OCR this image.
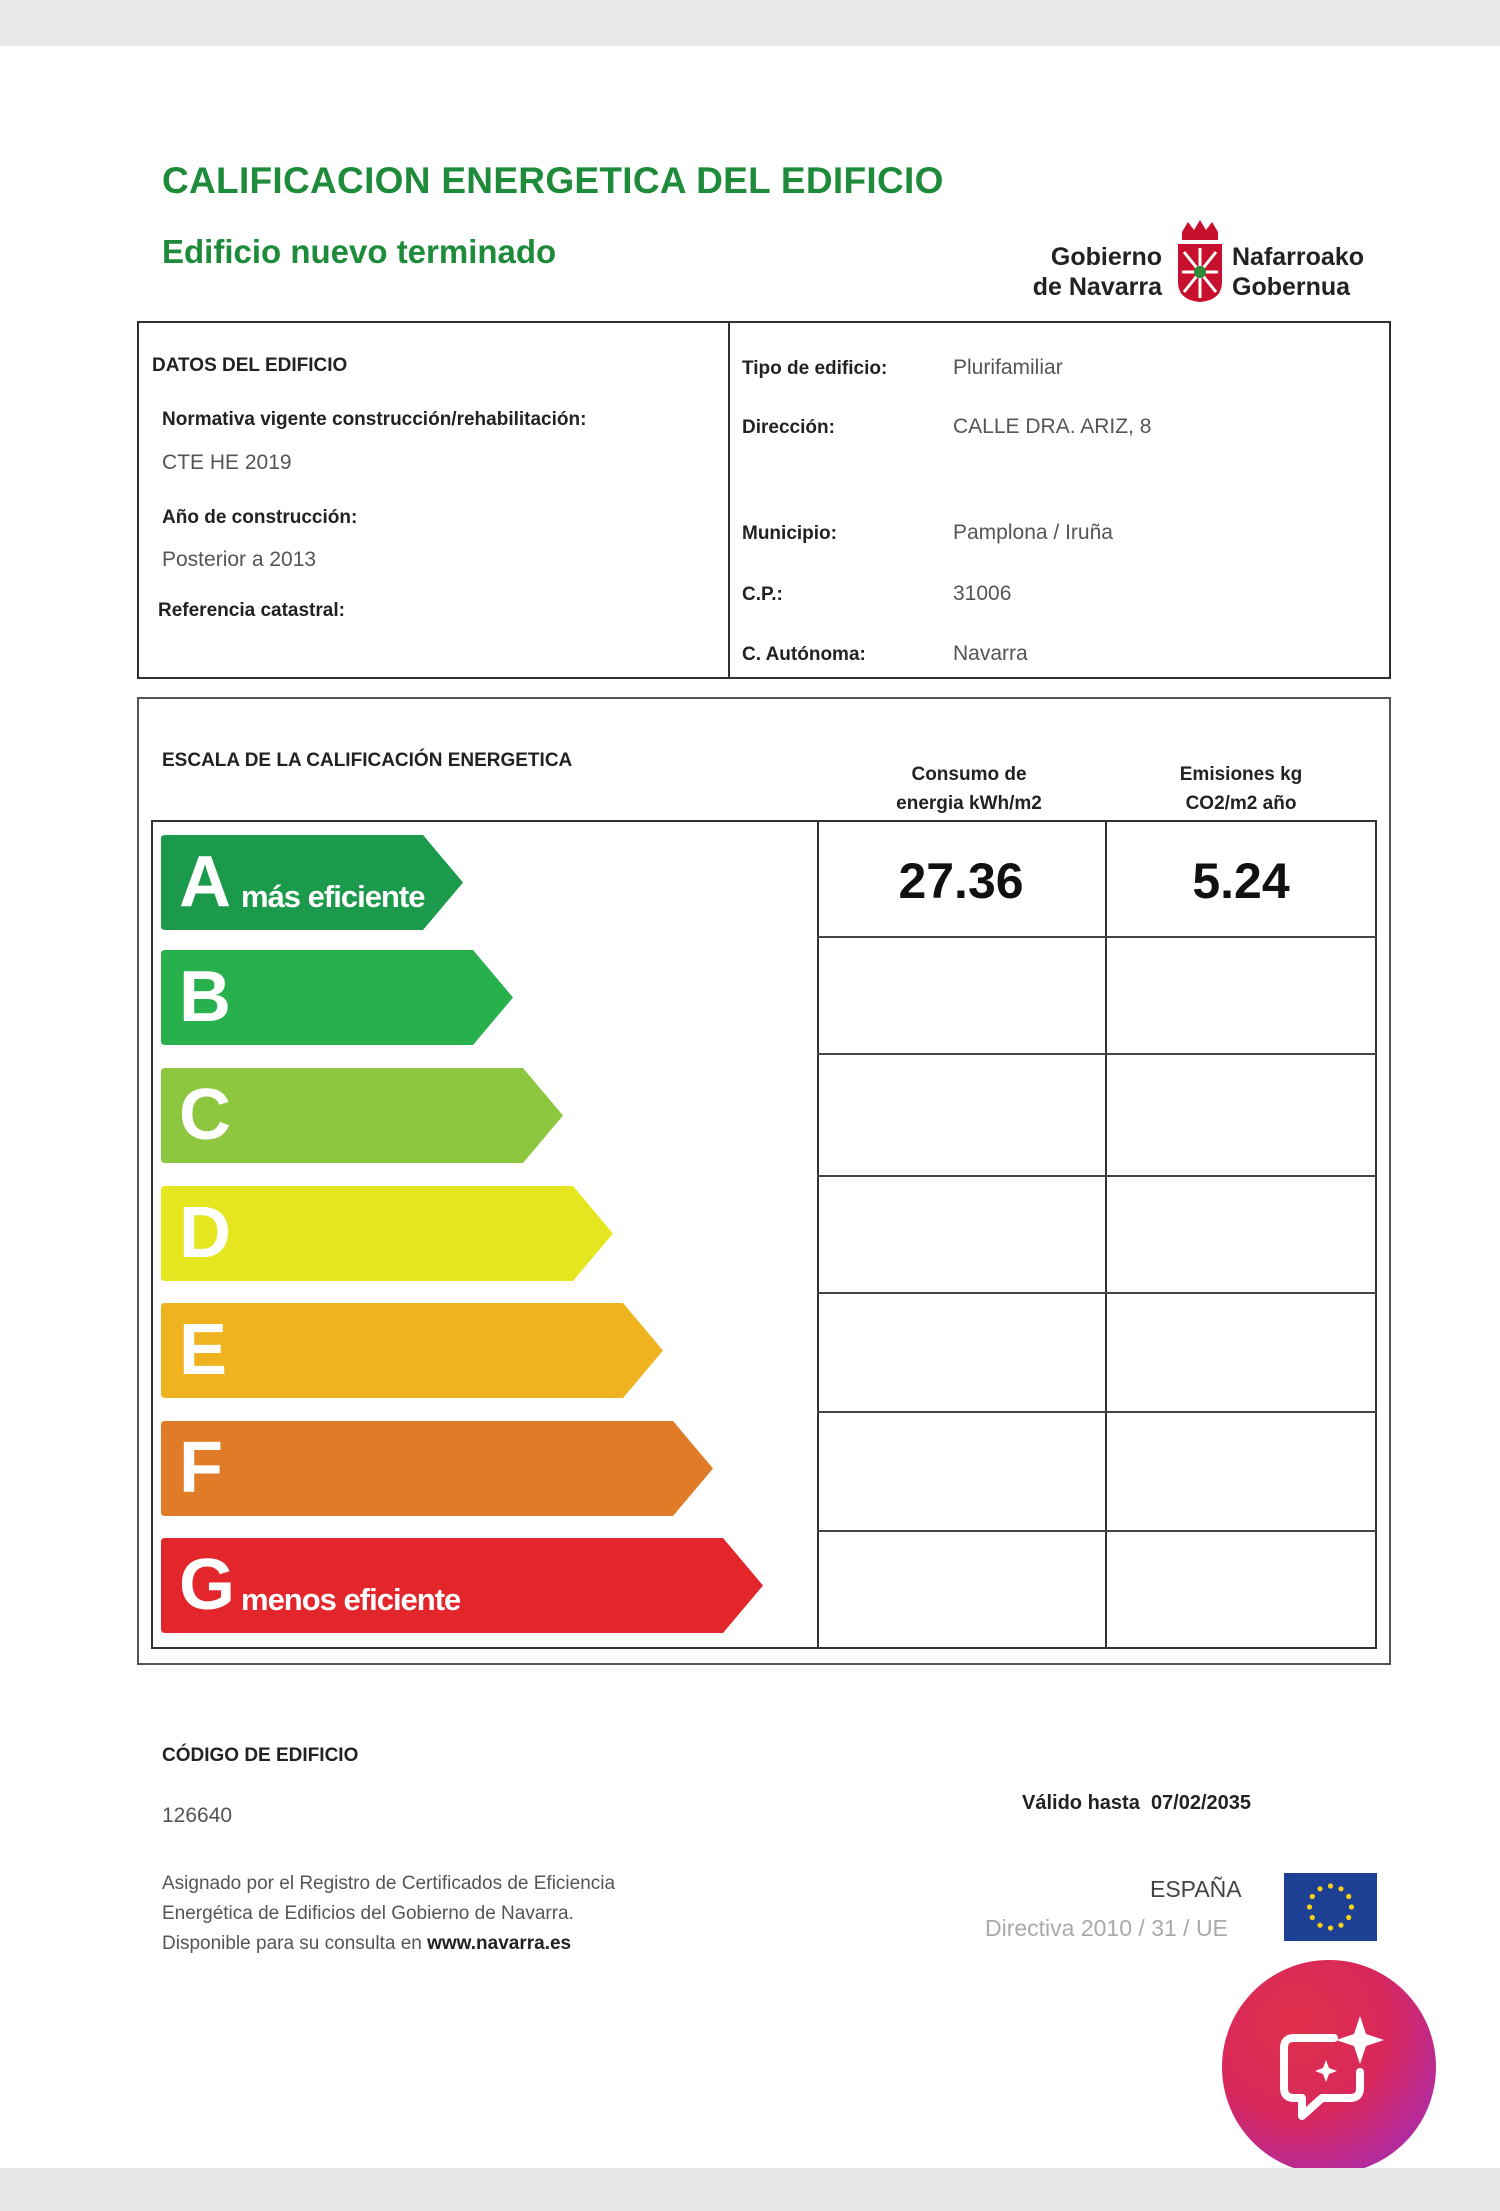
CALIFICACION ENERGETICA DEL EDIFICIO
Edificio nuevo terminado	Gobierno
de Navarra
Nafarroako
Gobernua
DATOS DEL EDIFICIO
Normativa vigente construcción/rehabilitación:
CTE HE 2019
Año de construcción:
Posterior a 2013
Referencia catastral:
Tipo de edificio:	Plurifamiliar
Dirección:	CALLE DRA. ARIZ, 8
Municipio:	Pamplona / Iruña
C.P.:	31006
C. Autónoma:	Navarra
ESCALA DE LA CALIFICACIÓN ENERGETICA
Consumo de
energia kWh/m2
Emisiones kg
CO2/m2 año
A más eficiente
B
C
D
E
F
G menos eficiente
27.36	5.24
CÓDIGO DE EDIFICIO
126640
Asignado por el Registro de Certificados de Eficiencia
Energética de Edificios del Gobierno de Navarra.
Disponible para su consulta en www.navarra.es
Válido hasta 07/02/2035
ESPAÑA
Directiva 2010 / 31 / UE
